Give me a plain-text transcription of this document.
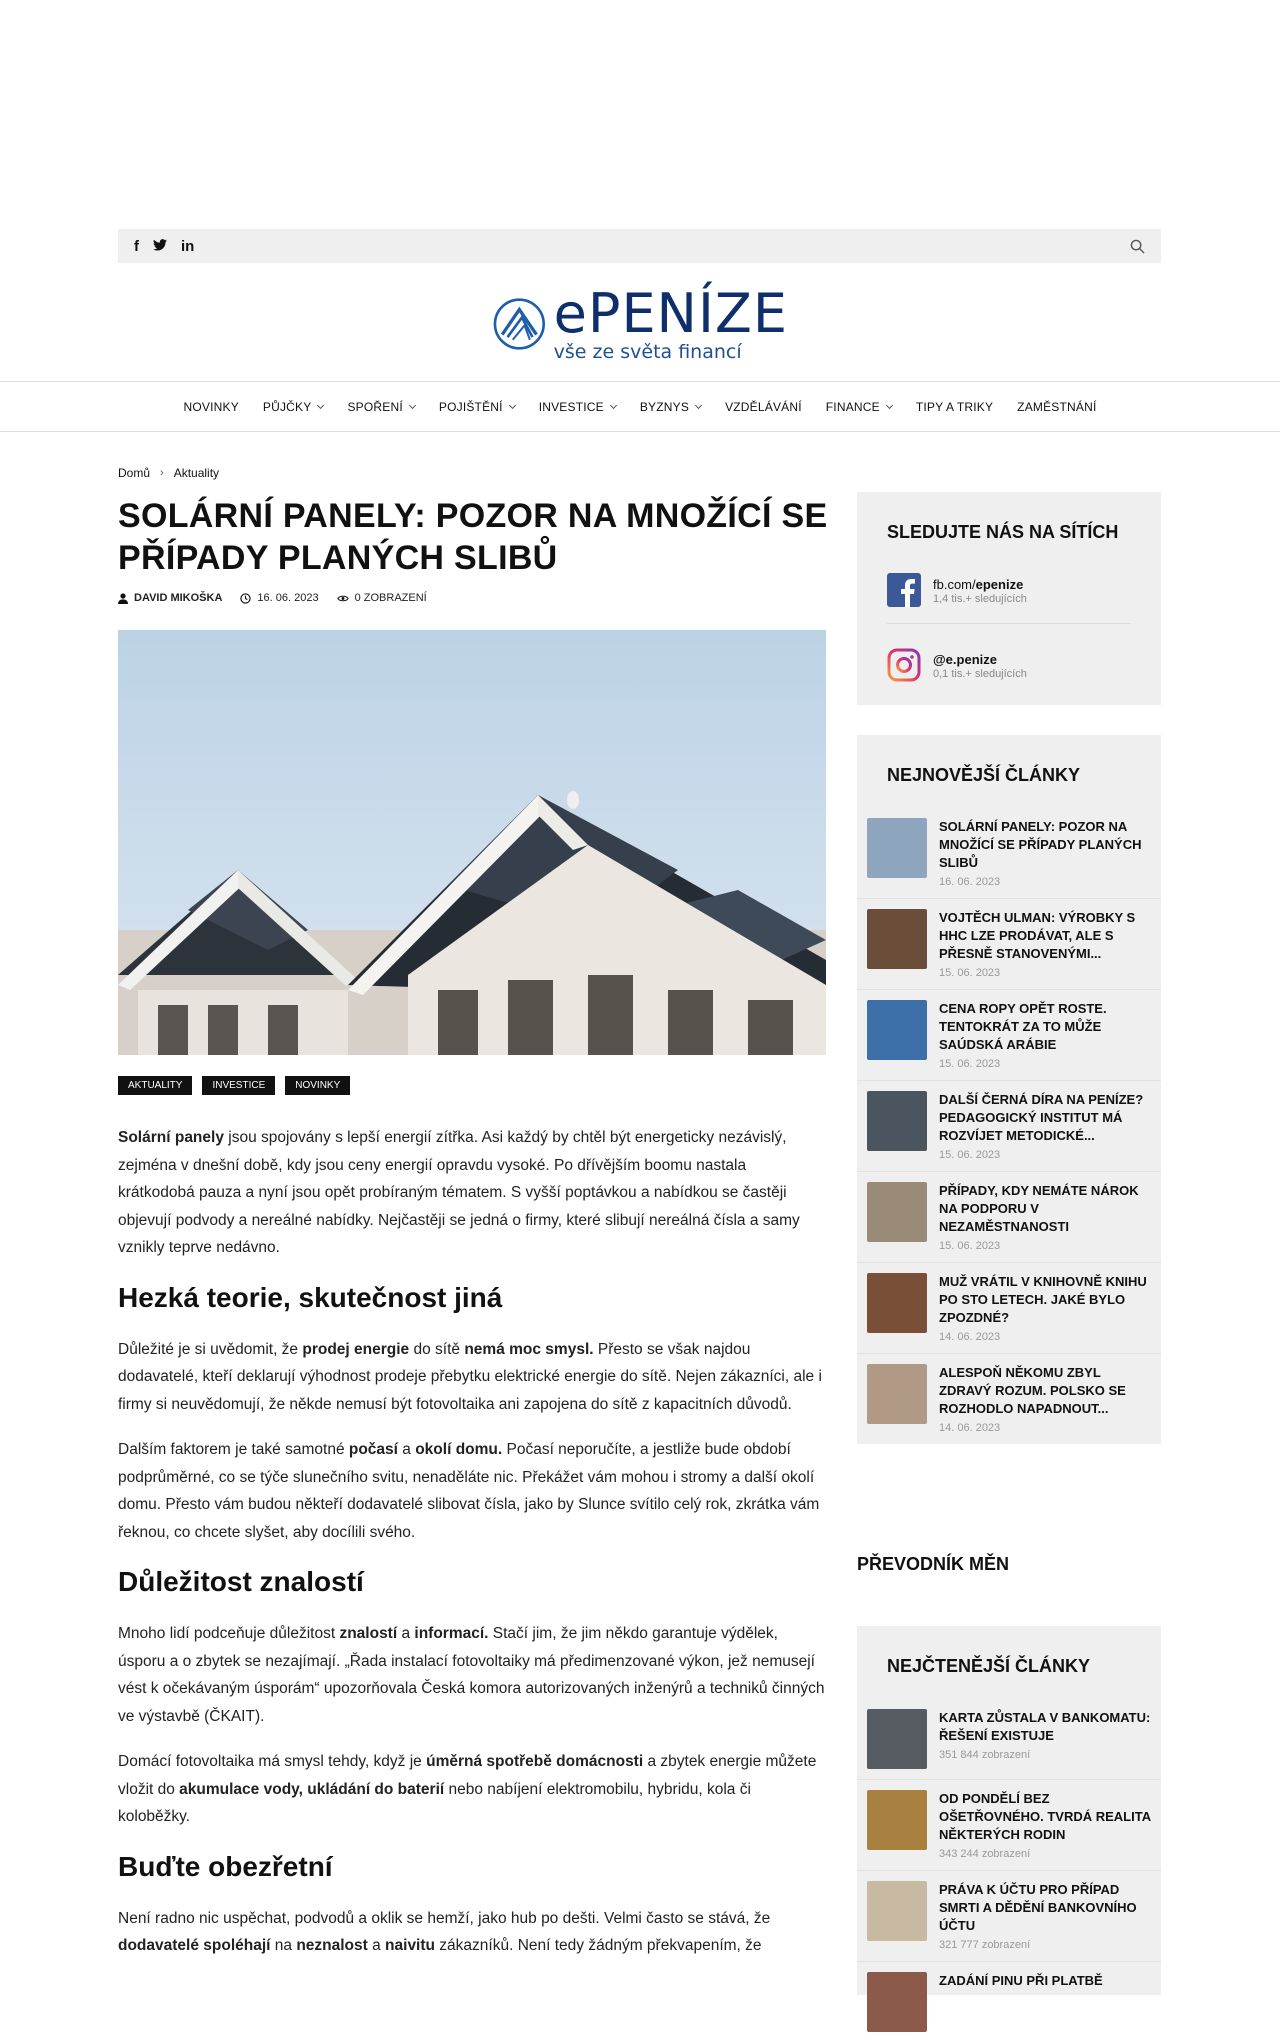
f	in
ePENÍZE
vše ze světa financí
NOVINKY PŮJČKY	SPOŘENÍ	POJIŠTĚNÍ	INVESTICE	BYZNYS	VZDĚLÁVÁNÍ FINANCE	TIPY A TRIKY ZAMĚSTNÁNÍ
Domů › Aktuality
SOLÁRNÍ PANELY: POZOR NA MNOŽÍCÍ SE PŘÍPADY PLANÝCH SLIBŮ
DAVID MIKOŠKA	16. 06. 2023	0 ZOBRAZENÍ
AKTUALITY	INVESTICE	NOVINKY

Solární panely jsou spojovány s lepší energií zítřka. Asi každý by chtěl být energeticky nezávislý, zejména v dnešní době, kdy jsou ceny energií opravdu vysoké. Po dřívějším boomu nastala krátkodobá pauza a nyní jsou opět probíraným tématem. S vyšší poptávkou a nabídkou se častěji objevují podvody a nereálné nabídky. Nejčastěji se jedná o firmy, které slibují nereálná čísla a samy vznikly teprve nedávno.

Hezká teorie, skutečnost jiná

Důležité je si uvědomit, že prodej energie do sítě nemá moc smysl. Přesto se však najdou dodavatelé, kteří deklarují výhodnost prodeje přebytku elektrické energie do sítě. Nejen zákazníci, ale i firmy si neuvědomují, že někde nemusí být fotovoltaika ani zapojena do sítě z kapacitních důvodů.

Dalším faktorem je také samotné počasí a okolí domu. Počasí neporučíte, a jestliže bude období podprůměrné, co se týče slunečního svitu, nenaděláte nic. Překážet vám mohou i stromy a další okolí domu. Přesto vám budou někteří dodavatelé slibovat čísla, jako by Slunce svítilo celý rok, zkrátka vám řeknou, co chcete slyšet, aby docílili svého.

Důležitost znalostí

Mnoho lidí podceňuje důležitost znalostí a informací. Stačí jim, že jim někdo garantuje výdělek, úsporu a o zbytek se nezajímají. „Řada instalací fotovoltaiky má předimenzované výkon, jež nemusejí vést k očekávaným úsporám“ upozorňovala Česká komora autorizovaných inženýrů a techniků činných ve výstavbě (ČKAIT).

Domácí fotovoltaika má smysl tehdy, když je úměrná spotřebě domácnosti a zbytek energie můžete vložit do akumulace vody, ukládání do baterií nebo nabíjení elektromobilu, hybridu, kola či koloběžky.

Buďte obezřetní

Není radno nic uspěchat, podvodů a oklik se hemží, jako hub po dešti. Velmi často se stává, že dodavatelé spoléhají na neznalost a naivitu zákazníků. Není tedy žádným překvapením, že

SLEDUJTE NÁS NA SÍTÍCH
fb.com/epenize
1,4 tis.+ sledujících
@e.penize
0,1 tis.+ sledujících
NEJNOVĚJŠÍ ČLÁNKY
SOLÁRNÍ PANELY: POZOR NA MNOŽÍCÍ SE PŘÍPADY PLANÝCH SLIBŮ
16. 06. 2023
VOJTĚCH ULMAN: VÝROBKY S HHC LZE PRODÁVAT, ALE S PŘESNĚ STANOVENÝMI...
15. 06. 2023
CENA ROPY OPĚT ROSTE. TENTOKRÁT ZA TO MŮŽE SAÚDSKÁ ARÁBIE
15. 06. 2023
DALŠÍ ČERNÁ DÍRA NA PENÍZE? PEDAGOGICKÝ INSTITUT MÁ ROZVÍJET METODICKÉ...
15. 06. 2023
PŘÍPADY, KDY NEMÁTE NÁROK NA PODPORU V NEZAMĚSTNANOSTI
15. 06. 2023
MUŽ VRÁTIL V KNIHOVNĚ KNIHU PO STO LETECH. JAKÉ BYLO ZPOZDNÉ?
14. 06. 2023
ALESPOŇ NĚKOMU ZBYL ZDRAVÝ ROZUM. POLSKO SE ROZHODLO NAPADNOUT...
14. 06. 2023
PŘEVODNÍK MĚN
NEJČTENĚJŠÍ ČLÁNKY
KARTA ZŮSTALA V BANKOMATU: ŘEŠENÍ EXISTUJE
351 844 zobrazení
OD PONDĚLÍ BEZ OŠETŘOVNÉHO. TVRDÁ REALITA NĚKTERÝCH RODIN
343 244 zobrazení
PRÁVA K ÚČTU PRO PŘÍPAD SMRTI A DĚDĚNÍ BANKOVNÍHO ÚČTU
321 777 zobrazení
ZADÁNÍ PINU PŘI PLATBĚ
